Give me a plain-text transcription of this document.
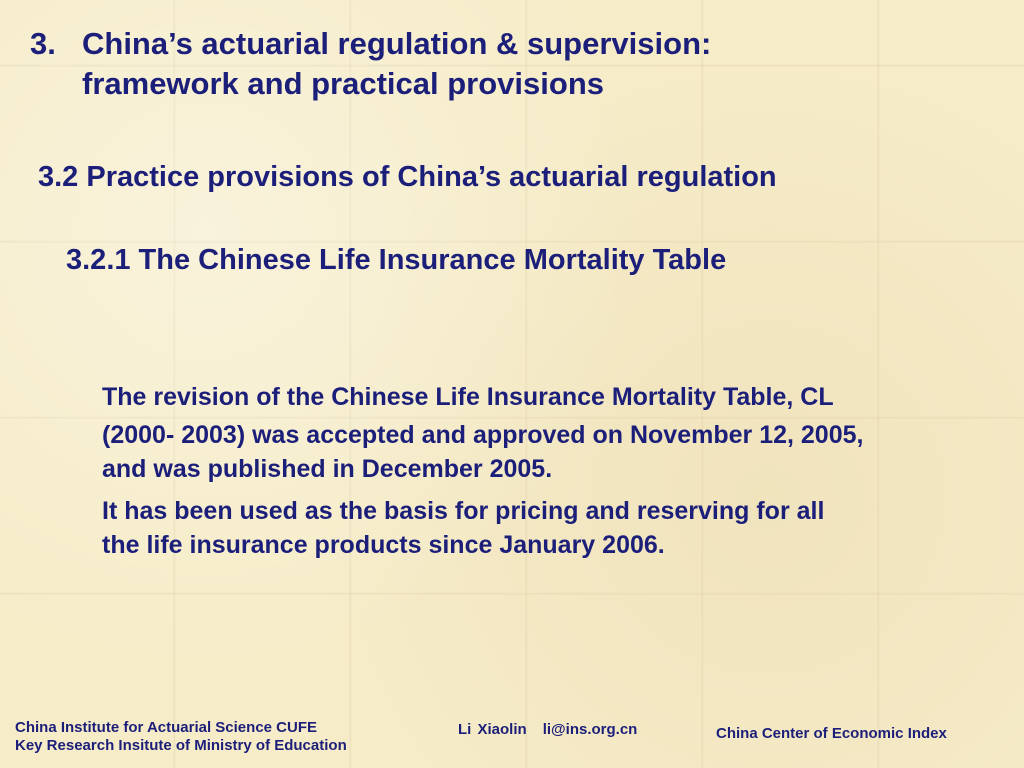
3. China’s actuarial regulation & supervision:
framework and practical provisions
3.2 Practice provisions of China’s actuarial regulation
3.2.1 The Chinese Life Insurance Mortality Table
The revision of the Chinese Life Insurance Mortality Table, CL
(2000- 2003) was accepted and approved on November 12, 2005,
and was published in December 2005.
It has been used as the basis for pricing and reserving for all
the life insurance products since January 2006.
China Institute for Actuarial Science CUFE
Key Research Insitute of Ministry of Education
Li Xiaolin li@ins.org.cn	China Center of Economic Index
